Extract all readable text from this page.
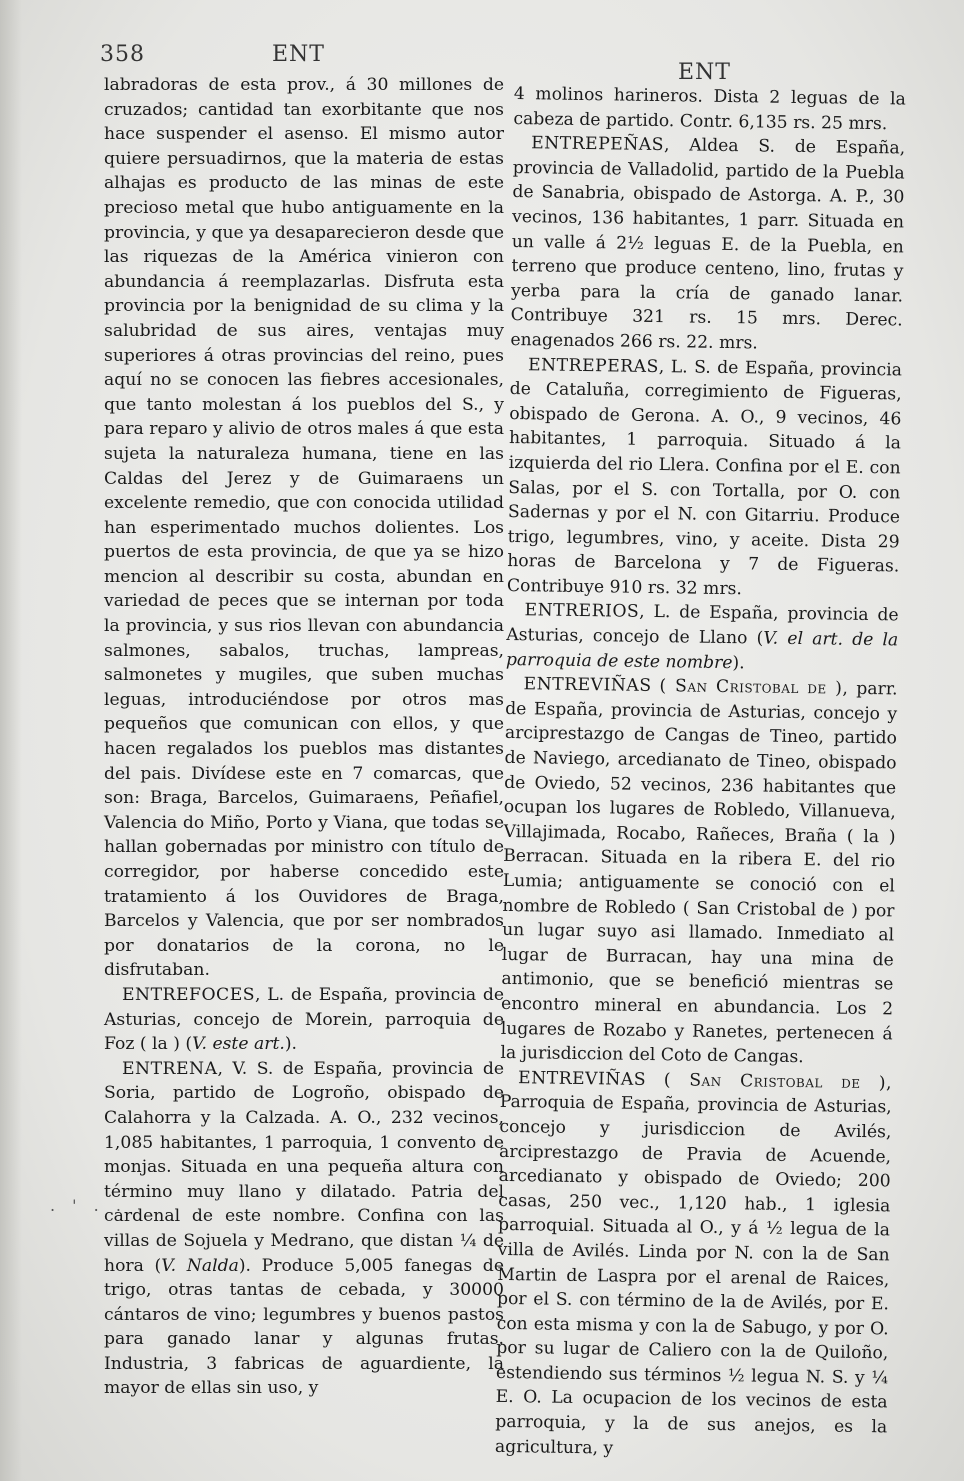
358	ENT
ENT

labradoras de esta prov., á 30 millones de cruzados; cantidad tan exorbitante que nos hace suspender el asenso. El mismo autor quiere persuadirnos, que la materia de estas alhajas es producto de las minas de este precioso metal que hubo antiguamente en la provincia, y que ya desaparecieron desde que las riquezas de la América vinieron con abundancia á reemplazarlas. Disfruta esta provincia por la benignidad de su clima y la salubridad de sus aires, ventajas muy superiores á otras provincias del reino, pues aquí no se conocen las fiebres accesionales, que tanto molestan á los pueblos del S., y para reparo y alivio de otros males á que esta sujeta la naturaleza humana, tiene en las Caldas del Jerez y de Guimaraens un excelente remedio, que con conocida utilidad han esperimentado muchos dolientes. Los puertos de esta provincia, de que ya se hizo mencion al describir su costa, abundan en variedad de peces que se internan por toda la provincia, y sus rios llevan con abundancia salmones, sabalos, truchas, lampreas, salmonetes y mugiles, que suben muchas leguas, introduciéndose por otros mas pequeños que comunican con ellos, y que hacen regalados los pueblos mas distantes del pais. Divídese este en 7 comarcas, que son: Braga, Barcelos, Guimaraens, Peñafiel, Valencia do Miño, Porto y Viana, que todas se hallan gobernadas por ministro con título de corregidor, por haberse concedido este tratamiento á los Ouvidores de Braga, Barcelos y Valencia, que por ser nombrados por donatarios de la corona, no le disfrutaban.

ENTREFOCES, L. de España, provincia de Asturias, concejo de Morein, parroquia de Foz ( la ) (V. este art.).

ENTRENA, V. S. de España, provincia de Soria, partido de Logroño, obispado de Calahorra y la Calzada. A. O., 232 vecinos, 1,085 habitantes, 1 parroquia, 1 convento de monjas. Situada en una pequeña altura con término muy llano y dilatado. Patria del cardenal de este nombre. Confina con las villas de Sojuela y Medrano, que distan ¼ de hora (V. Nalda). Produce 5,005 fanegas de trigo, otras tantas de cebada, y 30000 cántaros de vino; legumbres y buenos pastos para ganado lanar y algunas frutas. Industria, 3 fabricas de aguardiente, la mayor de ellas sin uso, y

4 molinos harineros. Dista 2 leguas de la cabeza de partido. Contr. 6,135 rs. 25 mrs.

ENTREPEÑAS, Aldea S. de España, provincia de Valladolid, partido de la Puebla de Sanabria, obispado de Astorga. A. P., 30 vecinos, 136 habitantes, 1 parr. Situada en un valle á 2½ leguas E. de la Puebla, en terreno que produce centeno, lino, frutas y yerba para la cría de ganado lanar. Contribuye 321 rs. 15 mrs. Derec. enagenados 266 rs. 22. mrs.

ENTREPERAS, L. S. de España, provincia de Cataluña, corregimiento de Figueras, obispado de Gerona. A. O., 9 vecinos, 46 habitantes, 1 parroquia. Situado á la izquierda del rio Llera. Confina por el E. con Salas, por el S. con Tortalla, por O. con Sadernas y por el N. con Gitarriu. Produce trigo, legumbres, vino, y aceite. Dista 29 horas de Barcelona y 7 de Figueras. Contribuye 910 rs. 32 mrs.

ENTRERIOS, L. de España, provincia de Asturias, concejo de Llano (V. el art. de la parroquia de este nombre).

ENTREVIÑAS ( San Cristobal de ), parr. de España, provincia de Asturias, concejo y arciprestazgo de Cangas de Tineo, partido de Naviego, arcedianato de Tineo, obispado de Oviedo, 52 vecinos, 236 habitantes que ocupan los lugares de Robledo, Villanueva, Villajimada, Rocabo, Rañeces, Braña ( la ) Berracan. Situada en la ribera E. del rio Lumia; antiguamente se conoció con el nombre de Robledo ( San Cristobal de ) por un lugar suyo asi llamado. Inmediato al lugar de Burracan, hay una mina de antimonio, que se benefició mientras se encontro mineral en abundancia. Los 2 lugares de Rozabo y Ranetes, pertenecen á la jurisdiccion del Coto de Cangas.

ENTREVIÑAS ( San Cristobal de ), Parroquia de España, provincia de Asturias, concejo y jurisdiccion de Avilés, arciprestazgo de Pravia de Acuende, arcedianato y obispado de Oviedo; 200 casas, 250 vec., 1,120 hab., 1 iglesia parroquial. Situada al O., y á ½ legua de la villa de Avilés. Linda por N. con la de San Martin de Laspra por el arenal de Raices, por el S. con término de la de Avilés, por E. con esta misma y con la de Sabugo, y por O. por su lugar de Caliero con la de Quiloño, estendiendo sus términos ½ legua N. S. y ¼ E. O. La ocupacion de los vecinos de esta parroquia, y la de sus anejos, es la agricultura, y

. ' . .
